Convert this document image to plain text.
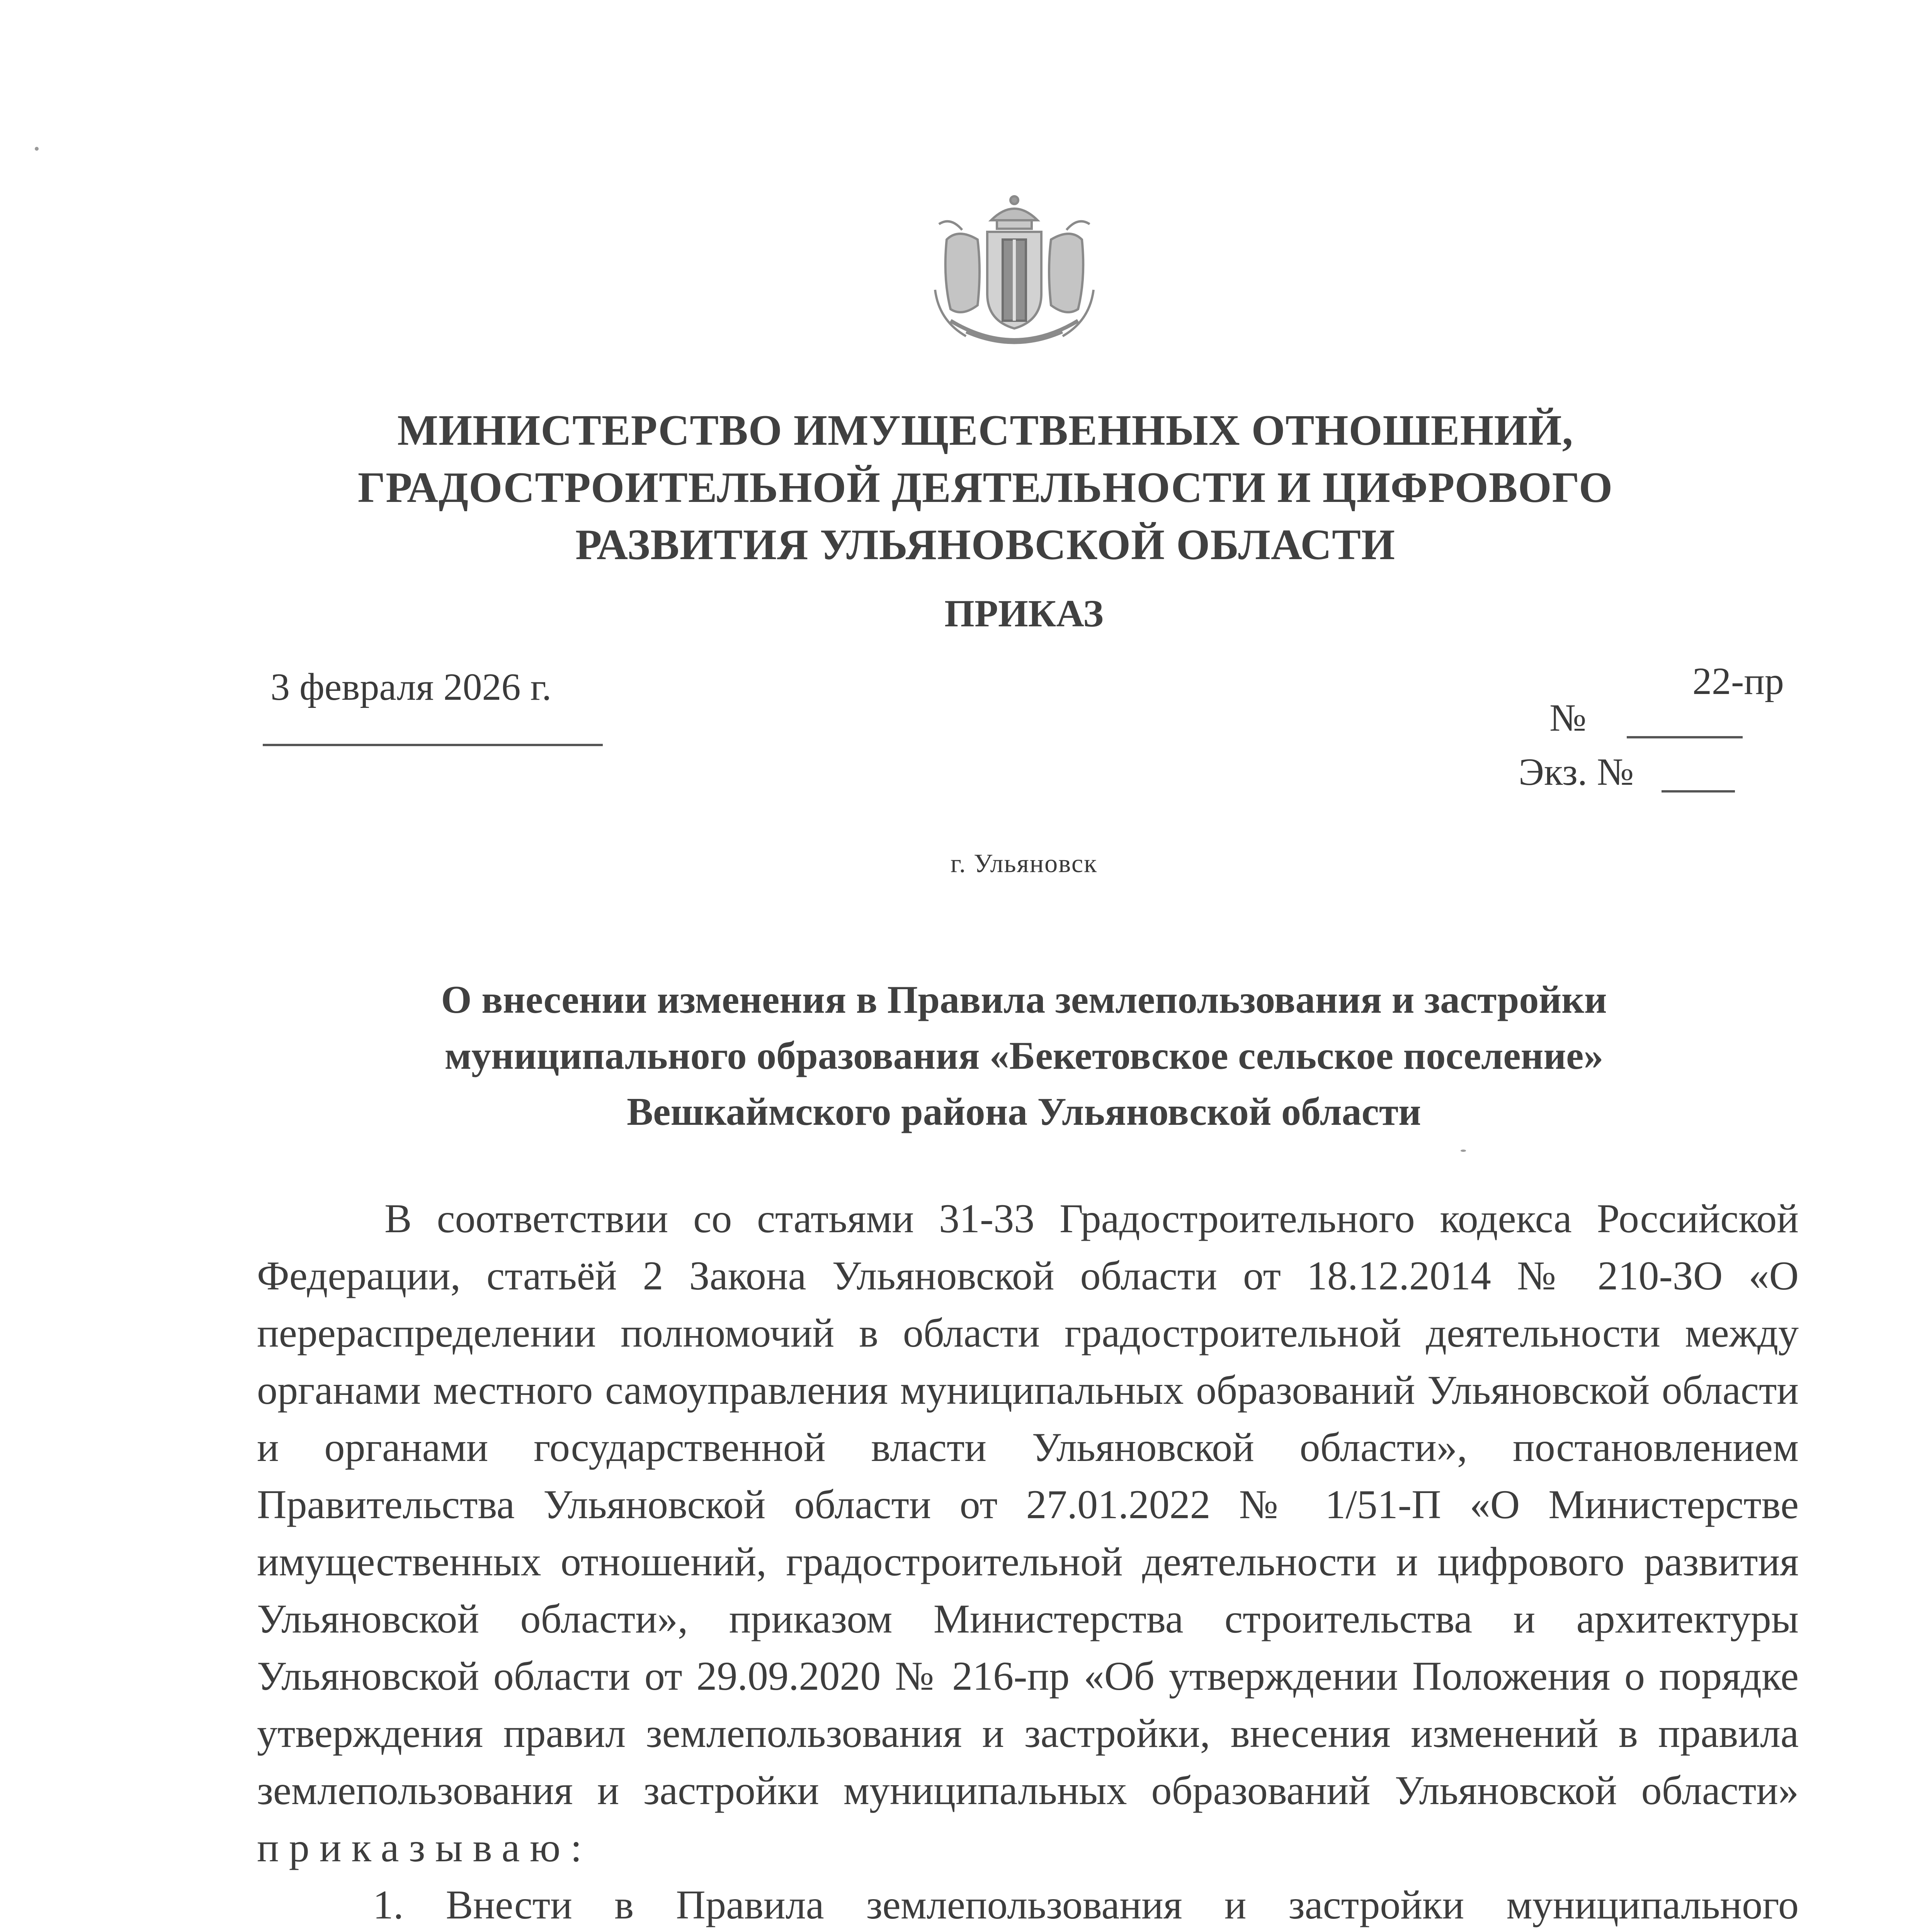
МИНИСТЕРСТВО ИМУЩЕСТВЕННЫХ ОТНОШЕНИЙ,
ГРАДОСТРОИТЕЛЬНОЙ ДЕЯТЕЛЬНОСТИ И ЦИФРОВОГО
РАЗВИТИЯ УЛЬЯНОВСКОЙ ОБЛАСТИ
ПРИКАЗ
3 февраля 2026 г.	22-пр
№
Экз. №
г. Ульяновск
О внесении изменения в Правила землепользования и застройки
муниципального образования «Бекетовское сельское поселение»
Вешкаймского района Ульяновской области

В соответствии со статьями 31-33 Градостроительного кодекса Российской Федерации, статьёй 2 Закона Ульяновской области от 18.12.2014 № 210-ЗО «О перераспределении полномочий в области градостроительной деятельности между органами местного самоуправления муниципальных образований Ульяновской области и органами государственной власти Ульяновской области», постановлением Правительства Ульяновской области от 27.01.2022 № 1/51-П «О Министерстве имущественных отношений, градостроительной деятельности и цифрового развития Ульяновской области», приказом Министерства строительства и архитектуры Ульяновской области от 29.09.2020 № 216-пр «Об утверждении Положения о порядке утверждения правил землепользования и застройки, внесения изменений в правила землепользования и застройки муниципальных образований Ульяновской области» приказываю:

1. Внести в Правила землепользования и застройки муниципального
